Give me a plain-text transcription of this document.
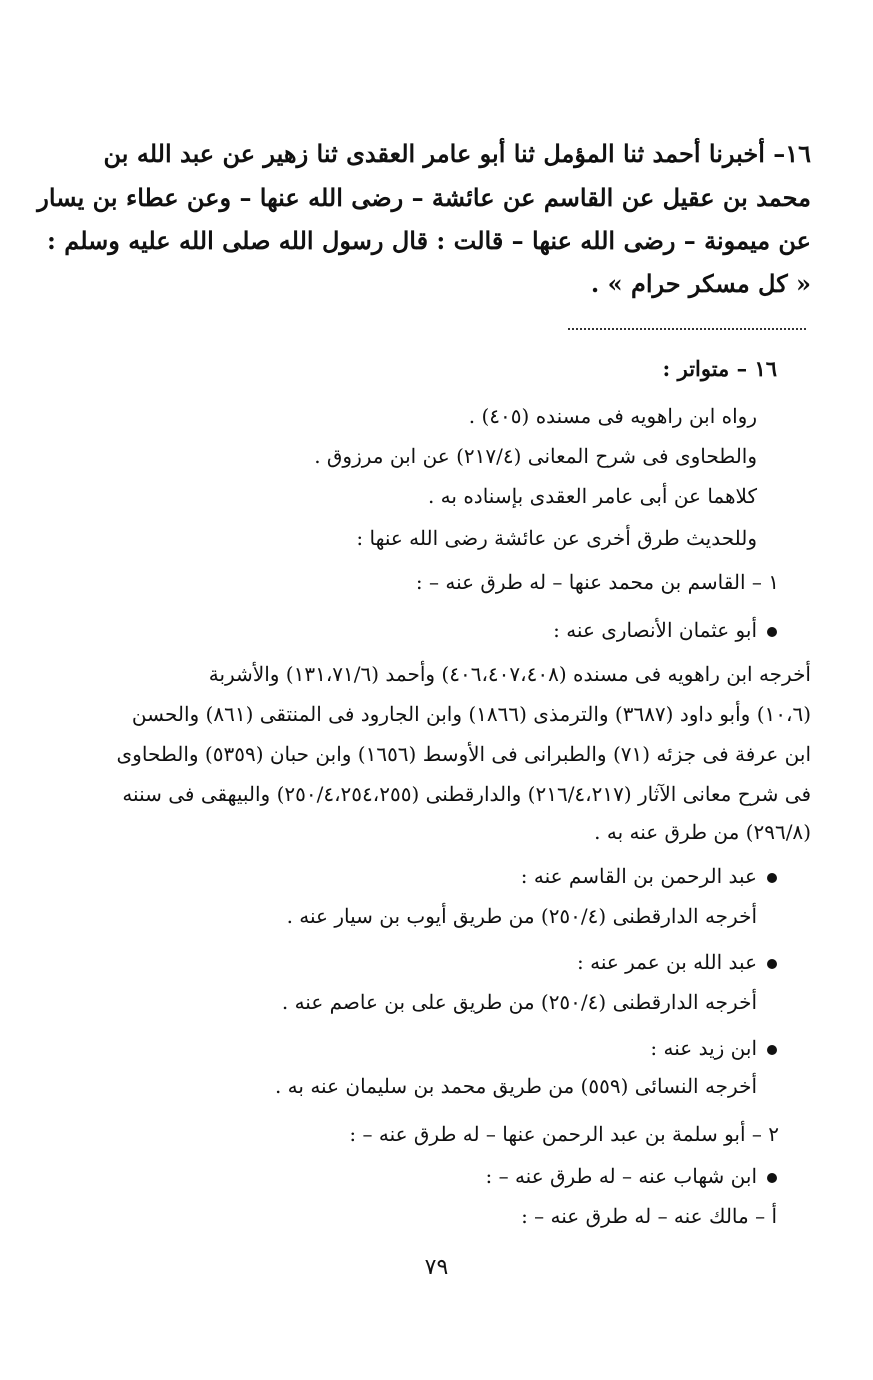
١٦– أخبرنا أحمد ثنا المؤمل ثنا أبو عامر العقدى ثنا زهير عن عبد الله بن
محمد بن عقيل عن القاسم عن عائشة – رضى الله عنها – وعن عطاء بن يسار
عن ميمونة – رضى الله عنها – قالت : قال رسول الله صلى الله عليه وسلم :
« كل مسكر حرام » .
١٦ – متواتر :
رواه ابن راهويه فى مسنده (٤٠٥) .
والطحاوى فى شرح المعانى (٢١٧/٤) عن ابن مرزوق .
كلاهما عن أبى عامر العقدى بإسناده به .
وللحديث طرق أخرى عن عائشة رضى الله عنها :
١ – القاسم بن محمد عنها – له طرق عنه – :
أبو عثمان الأنصارى عنه :
أخرجه ابن راهويه فى مسنده (٤٠٦،٤٠٧،٤٠٨) وأحمد (١٣١،٧١/٦) والأشربة
(١٠،٦) وأبو داود (٣٦٨٧) والترمذى (١٨٦٦) وابن الجارود فى المنتقى (٨٦١) والحسن
ابن عرفة فى جزئه (٧١) والطبرانى فى الأوسط (١٦٥٦) وابن حبان (٥٣٥٩) والطحاوى
فى شرح معانى الآثار (٢١٦/٤،٢١٧) والدارقطنى (٢٥٠/٤،٢٥٤،٢٥٥) والبيهقى فى سننه
(٢٩٦/٨) من طرق عنه به .
عبد الرحمن بن القاسم عنه :
أخرجه الدارقطنى (٢٥٠/٤) من طريق أيوب بن سيار عنه .
عبد الله بن عمر عنه :
أخرجه الدارقطنى (٢٥٠/٤) من طريق على بن عاصم عنه .
ابن زيد عنه :
أخرجه النسائى (٥٥٩) من طريق محمد بن سليمان عنه به .
٢ – أبو سلمة بن عبد الرحمن عنها – له طرق عنه – :
ابن شهاب عنه – له طرق عنه – :
أ – مالك عنه – له طرق عنه – :
٧٩
